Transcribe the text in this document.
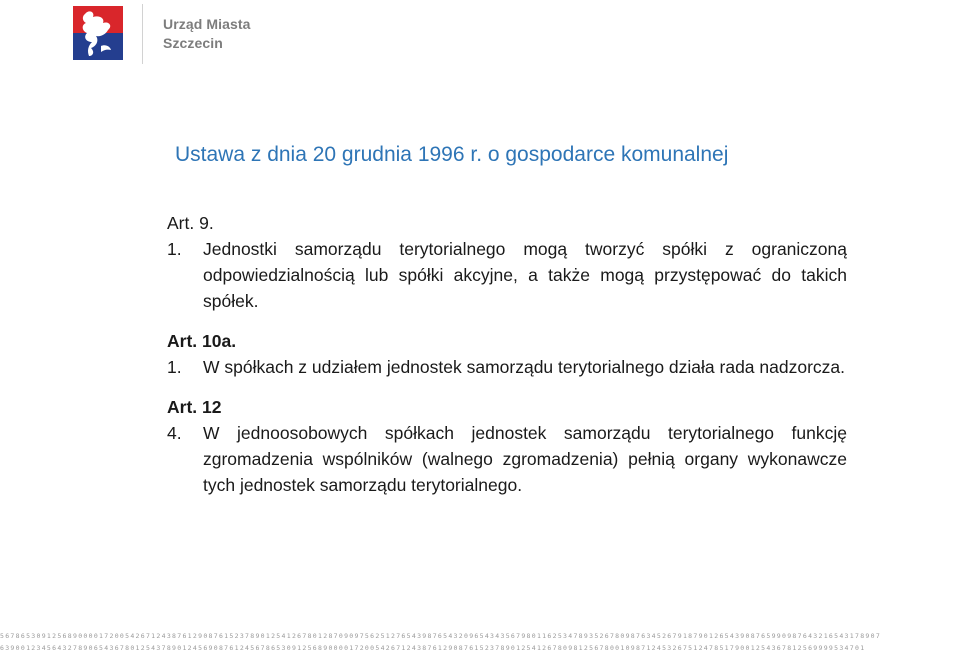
Urząd Miasta
Szczecin
Ustawa z dnia 20 grudnia 1996 r. o gospodarce komunalnej
Art. 9.
1.	Jednostki samorządu terytorialnego mogą tworzyć spółki z ograniczoną odpowiedzialnością lub spółki akcyjne, a także mogą przystępować do takich spółek.
Art. 10a.
1.	W spółkach z udziałem jednostek samorządu terytorialnego działa rada nadzorcza.
Art. 12
4.	W jednoosobowych spółkach jednostek samorządu terytorialnego funkcję zgromadzenia wspólników (walnego zgromadzenia) pełnią organy wykonawcze tych jednostek samorządu terytorialnego.
5678653091256890000172005426712438761290876152378901254126780128709097562512765439876543209654343567980116253478935267809876345267918790126543908765990987643216543178907
6390012345643278906543678012543789012456908761245678653091256890000172005426712438761290876152378901254126780981256780010987124532675124785179001254367812569999534701
